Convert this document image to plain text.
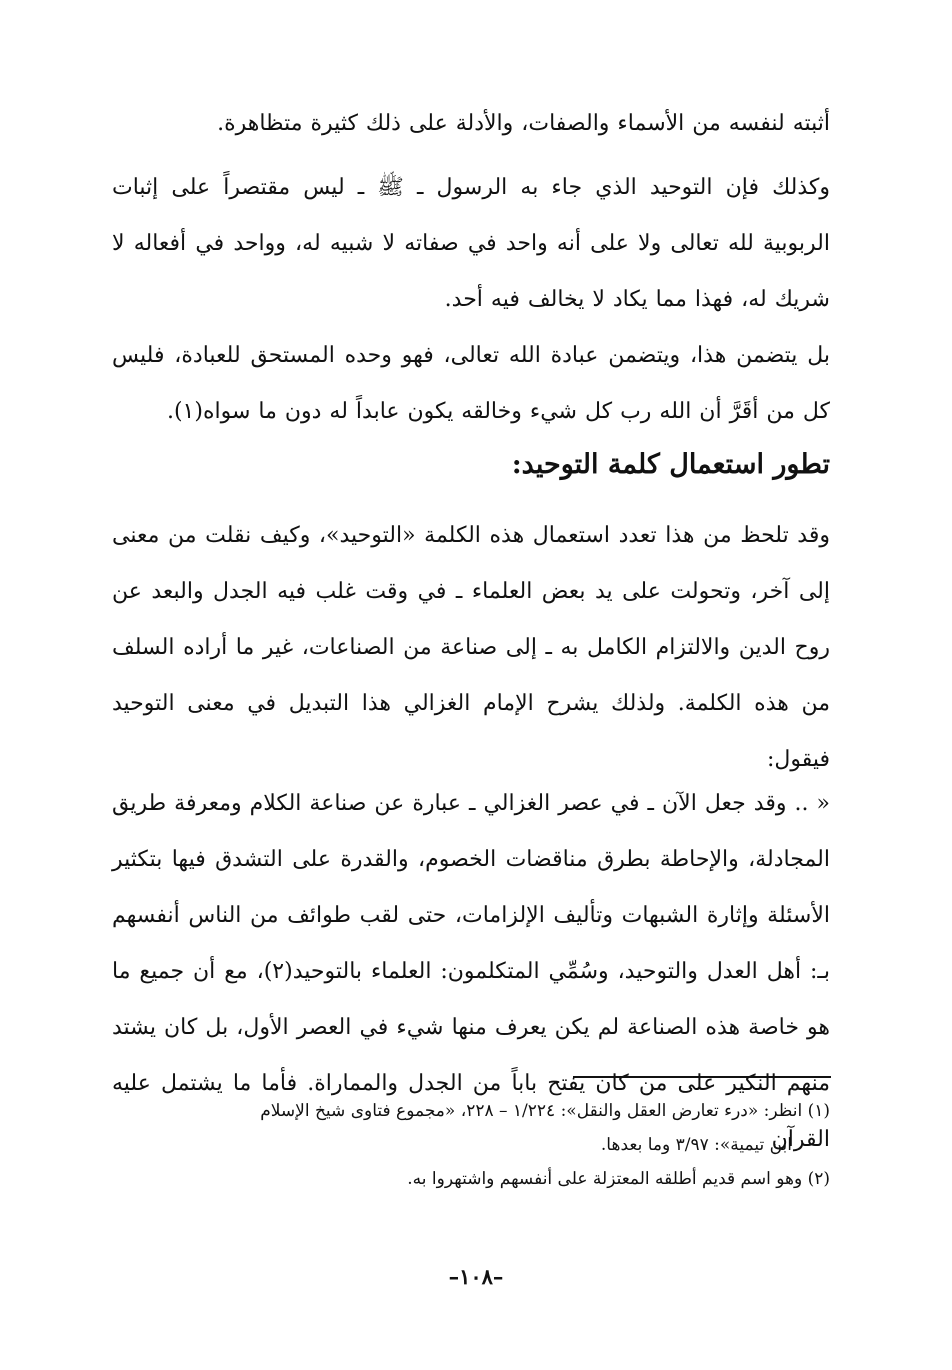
أثبته لنفسه من الأسماء والصفات، والأدلة على ذلك كثيرة متظاهرة.

وكذلك فإن التوحيد الذي جاء به الرسول ـ ﷺ ـ ليس مقتصراً على إثبات الربوبية لله تعالى ولا على أنه واحد في صفاته لا شبيه له، وواحد في أفعاله لا شريك له، فهذا مما يكاد لا يخالف فيه أحد.

بل يتضمن هذا، ويتضمن عبادة الله تعالى، فهو وحده المستحق للعبادة، فليس كل من أقَرَّ أن الله رب كل شيء وخالقه يكون عابداً له دون ما سواه(١).

تطور استعمال كلمة التوحيد:

وقد تلحظ من هذا تعدد استعمال هذه الكلمة «التوحيد»، وكيف نقلت من معنى إلى آخر، وتحولت على يد بعض العلماء ـ في وقت غلب فيه الجدل والبعد عن روح الدين والالتزام الكامل به ـ إلى صناعة من الصناعات، غير ما أراده السلف من هذه الكلمة. ولذلك يشرح الإمام الغزالي هذا التبديل في معنى التوحيد فيقول:

« .. وقد جعل الآن ـ في عصر الغزالي ـ عبارة عن صناعة الكلام ومعرفة طريق المجادلة، والإحاطة بطرق مناقضات الخصوم، والقدرة على التشدق فيها بتكثير الأسئلة وإثارة الشبهات وتأليف الإلزامات، حتى لقب طوائف من الناس أنفسهم بـ: أهل العدل والتوحيد، وسُمِّي المتكلمون: العلماء بالتوحيد(٢)، مع أن جميع ما هو خاصة هذه الصناعة لم يكن يعرف منها شيء في العصر الأول، بل كان يشتد منهم النكير على من كان يفتح باباً من الجدل والمماراة. فأما ما يشتمل عليه القرآن

(١) انظر: «درء تعارض العقل والنقل»: ١/٢٢٤ – ٢٢٨، «مجموع فتاوى شيخ الإسلام

ابن تيمية»: ٣/٩٧ وما بعدها.

(٢) وهو اسم قديم أطلقه المعتزلة على أنفسهم واشتهروا به.

–١٠٨–
